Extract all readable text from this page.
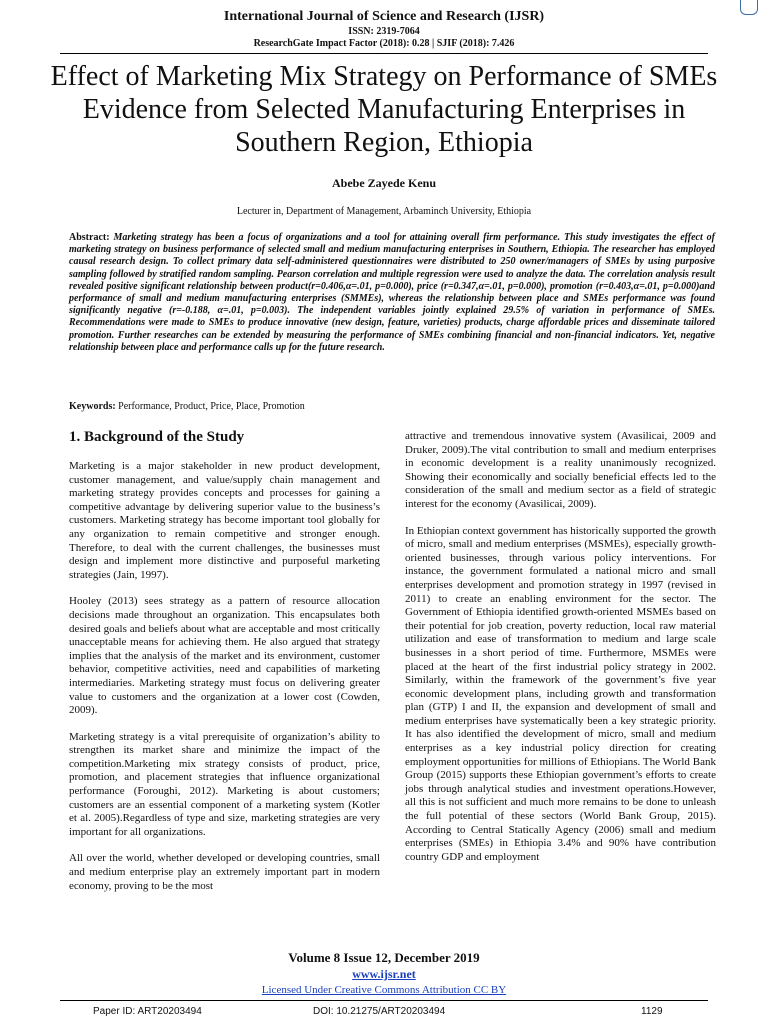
International Journal of Science and Research (IJSR)
ISSN: 2319-7064
ResearchGate Impact Factor (2018): 0.28 | SJIF (2018): 7.426
Effect of Marketing Mix Strategy on Performance of SMEs Evidence from Selected Manufacturing Enterprises in Southern Region, Ethiopia
Abebe Zayede Kenu
Lecturer in, Department of Management, Arbaminch University, Ethiopia
Abstract: Marketing strategy has been a focus of organizations and a tool for attaining overall firm performance. This study investigates the effect of marketing strategy on business performance of selected small and medium manufacturing enterprises in Southern, Ethiopia. The researcher has employed causal research design. To collect primary data self-administered questionnaires were distributed to 250 owner/managers of SMEs by using purposive sampling followed by stratified random sampling. Pearson correlation and multiple regression were used to analyze the data. The correlation analysis result revealed positive significant relationship between product(r=0.406,α=.01, p=0.000), price (r=0.347,α=.01, p=0.000), promotion (r=0.403,α=.01, p=0.000)and performance of small and medium manufacturing enterprises (SMMEs), whereas the relationship between place and SMEs performance was found significantly negative (r=-0.188, α=.01, p=0.003). The independent variables jointly explained 29.5% of variation in performance of SMEs. Recommendations were made to SMEs to produce innovative (new design, feature, varieties) products, charge affordable prices and disseminate tailored promotion. Further researches can be extended by measuring the performance of SMEs combining financial and non-financial indicators. Yet, negative relationship between place and performance calls up for the future research.
Keywords: Performance, Product, Price, Place, Promotion
1. Background of the Study

Marketing is a major stakeholder in new product development, customer management, and value/supply chain management and marketing strategy provides concepts and processes for gaining a competitive advantage by delivering superior value to the business’s customers. Marketing strategy has become important tool globally for any organization to remain competitive and stronger enough. Therefore, to deal with the current challenges, the businesses must design and implement more distinctive and purposeful marketing strategies (Jain, 1997).

Hooley (2013) sees strategy as a pattern of resource allocation decisions made throughout an organization. This encapsulates both desired goals and beliefs about what are acceptable and most critically unacceptable means for achieving them. He also argued that strategy implies that the analysis of the market and its environment, customer behavior, competitive activities, need and capabilities of marketing intermediaries. Marketing strategy must focus on delivering greater value to customers and the organization at a lower cost (Cowden, 2009).

Marketing strategy is a vital prerequisite of organization’s ability to strengthen its market share and minimize the impact of the competition.Marketing mix strategy consists of product, price, promotion, and placement strategies that influence organizational performance (Foroughi, 2012). Marketing is about customers; customers are an essential component of a marketing system (Kotler et al. 2005).Regardless of type and size, marketing strategies are very important for all organizations.

All over the world, whether developed or developing countries, small and medium enterprise play an extremely important part in modern economy, proving to be the most

attractive and tremendous innovative system (Avasilicai, 2009 and Druker, 2009).The vital contribution to small and medium enterprises in economic development is a reality unanimously recognized. Showing their economically and socially beneficial effects led to the consideration of the small and medium sector as a field of strategic interest for the economy (Avasilicai, 2009).

In Ethiopian context government has historically supported the growth of micro, small and medium enterprises (MSMEs), especially growth-oriented businesses, through various policy interventions. For instance, the government formulated a national micro and small enterprises development and promotion strategy in 1997 (revised in 2011) to create an enabling environment for the sector. The Government of Ethiopia identified growth-oriented MSMEs based on their potential for job creation, poverty reduction, local raw material utilization and ease of transformation to medium and large scale businesses in a short period of time. Furthermore, MSMEs were placed at the heart of the first industrial policy strategy in 2002. Similarly, within the framework of the government’s five year economic development plans, including growth and transformation plan (GTP) I and II, the expansion and development of small and medium enterprises have systematically been a key strategic priority. It has also identified the development of micro, small and medium enterprises as a key industrial policy direction for creating employment opportunities for millions of Ethiopians. The World Bank Group (2015) supports these Ethiopian government’s efforts to create jobs through analytical studies and investment operations.However, all this is not sufficient and much more remains to be done to unleash the full potential of these sectors (World Bank Group, 2015). According to Central Statically Agency (2006) small and medium enterprises (SMEs) in Ethiopia 3.4% and 90% have contribution country GDP and employment

Volume 8 Issue 12, December 2019
www.ijsr.net
Licensed Under Creative Commons Attribution CC BY
Paper ID: ART20203494	DOI: 10.21275/ART20203494	1129
